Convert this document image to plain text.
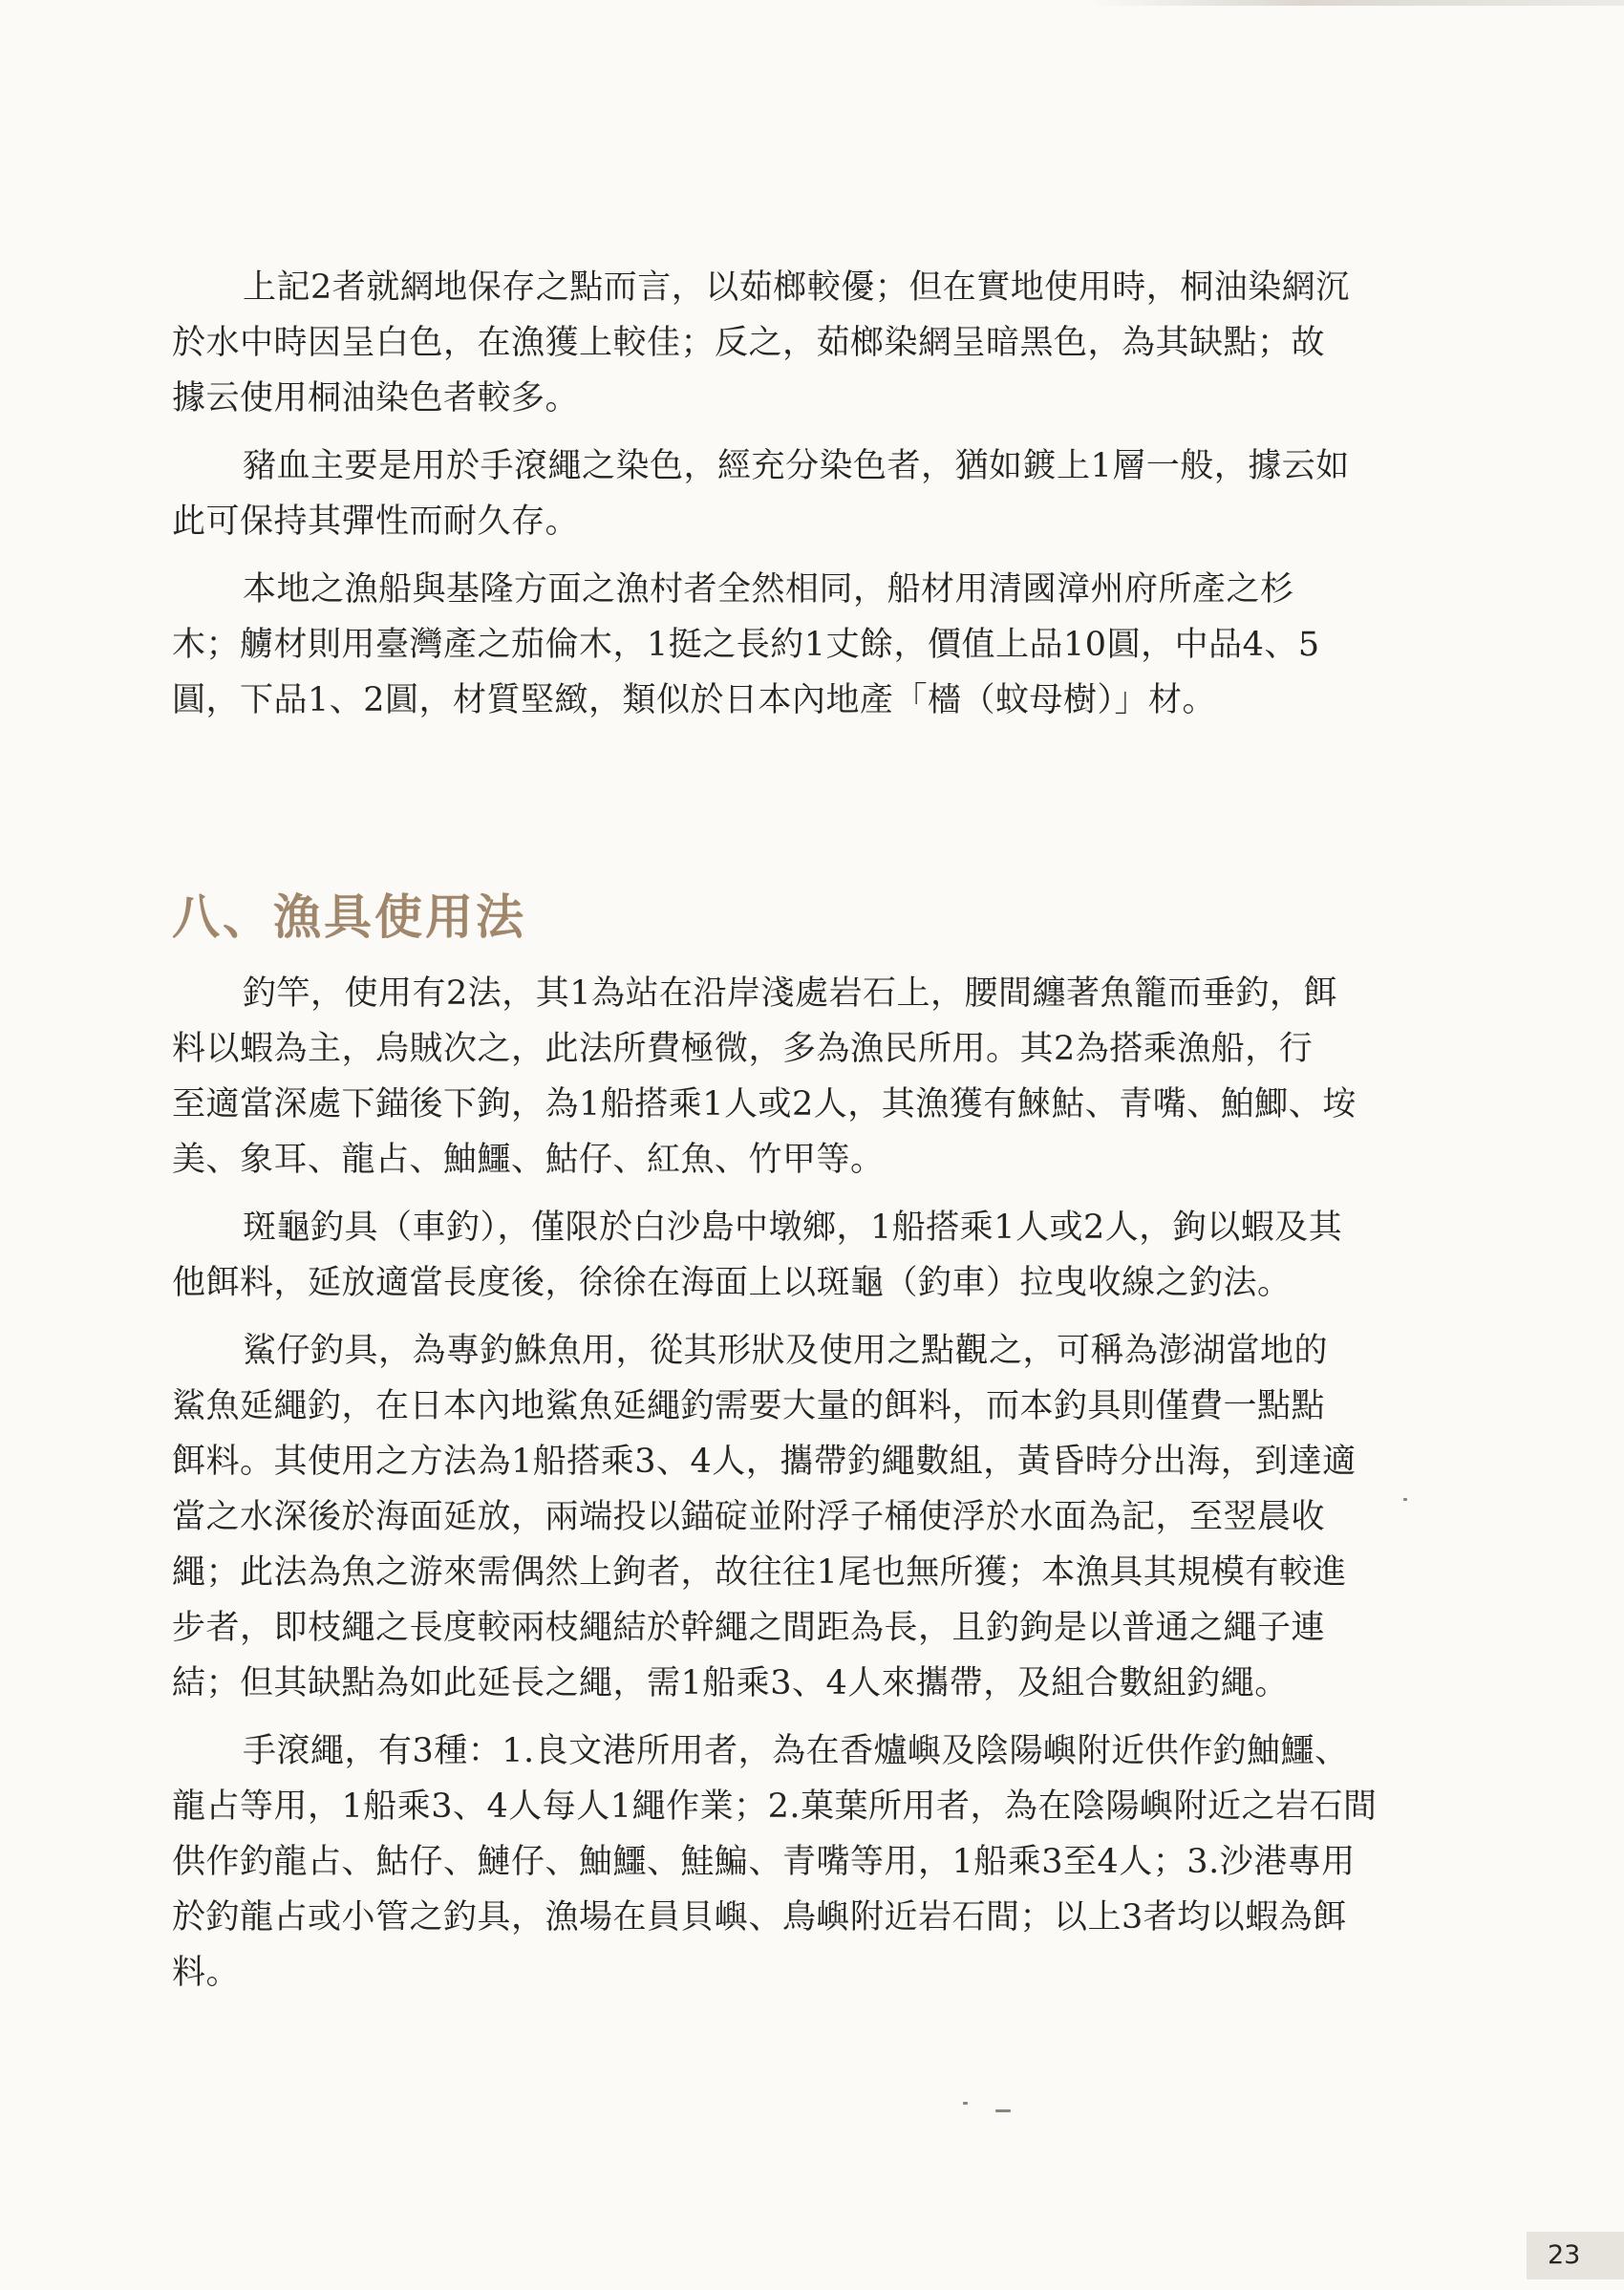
上記2者就網地保存之點而言，以茹榔較優；但在實地使用時，桐油染網沉
於水中時因呈白色，在漁獲上較佳；反之，茹榔染網呈暗黑色，為其缺點；故
據云使用桐油染色者較多。

豬血主要是用於手滾繩之染色，經充分染色者，猶如鍍上1層一般，據云如
此可保持其彈性而耐久存。

本地之漁船與基隆方面之漁村者全然相同，船材用清國漳州府所產之杉
木；艣材則用臺灣產之茄倫木，1挺之長約1丈餘，價值上品10圓，中品4、5
圓，下品1、2圓，材質堅緻，類似於日本內地產「檣（蚊母樹）」材。

八、漁具使用法

釣竿，使用有2法，其1為站在沿岸淺處岩石上，腰間纏著魚籠而垂釣，餌
料以蝦為主，烏賊次之，此法所費極微，多為漁民所用。其2為搭乘漁船，行
至適當深處下錨後下鉤，為1船搭乘1人或2人，其漁獲有鯠鮕、青嘴、鮊鯽、垵
美、象耳、龍占、鮋鱷、鮕仔、紅魚、竹甲等。

斑龜釣具（車釣），僅限於白沙島中墩鄉，1船搭乘1人或2人，鉤以蝦及其
他餌料，延放適當長度後，徐徐在海面上以斑龜（釣車）拉曳收線之釣法。

鯊仔釣具，為專釣鮢魚用，從其形狀及使用之點觀之，可稱為澎湖當地的
鯊魚延繩釣，在日本內地鯊魚延繩釣需要大量的餌料，而本釣具則僅費一點點
餌料。其使用之方法為1船搭乘3、4人，攜帶釣繩數組，黃昏時分出海，到達適
當之水深後於海面延放，兩端投以錨碇並附浮子桶使浮於水面為記，至翌晨收
繩；此法為魚之游來需偶然上鉤者，故往往1尾也無所獲；本漁具其規模有較進
步者，即枝繩之長度較兩枝繩結於幹繩之間距為長，且釣鉤是以普通之繩子連
結；但其缺點為如此延長之繩，需1船乘3、4人來攜帶，及組合數組釣繩。

手滾繩，有3種：1.良文港所用者，為在香爐嶼及陰陽嶼附近供作釣鮋鱷、
龍占等用，1船乘3、4人每人1繩作業；2.菓葉所用者，為在陰陽嶼附近之岩石間
供作釣龍占、鮕仔、鰱仔、鮋鱷、鮭鯿、青嘴等用，1船乘3至4人；3.沙港專用
於釣龍占或小管之釣具，漁場在員貝嶼、鳥嶼附近岩石間；以上3者均以蝦為餌
料。

23
